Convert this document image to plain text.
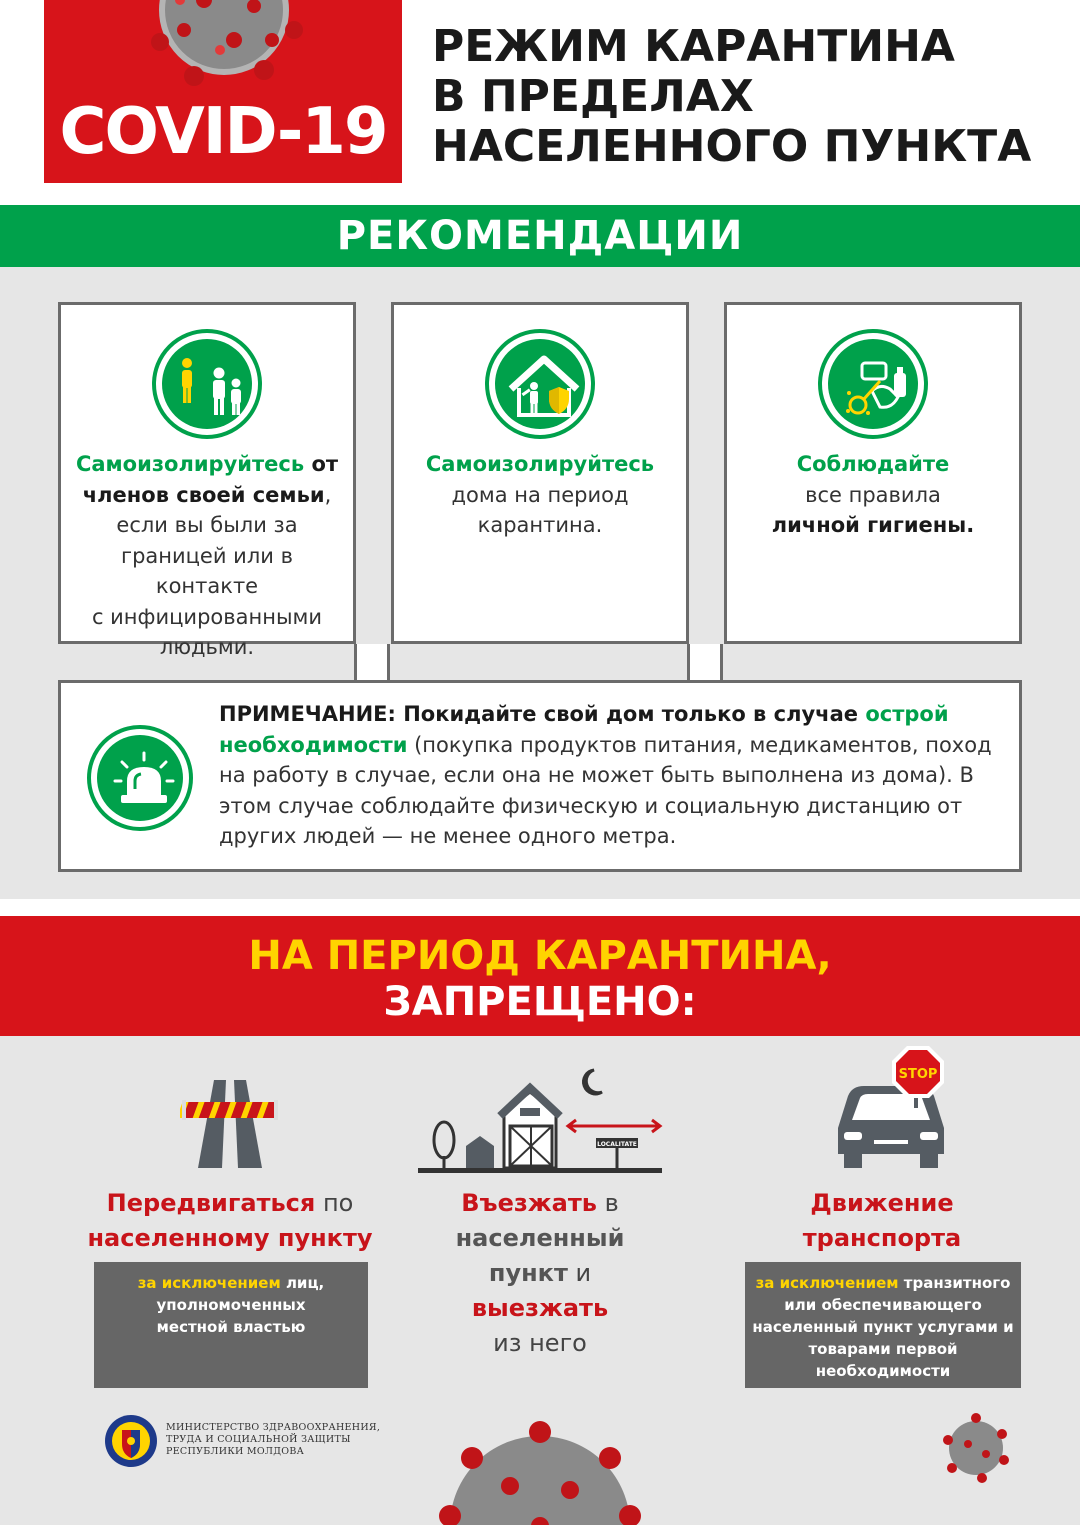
COVID-19
РЕЖИМ КАРАНТИНА
В ПРЕДЕЛАХ
НАСЕЛЕННОГО ПУНКТА
РЕКОМЕНДАЦИИ
Самоизолируйтесь от
членов своей семьи,
если вы были за
границей или в контакте
с инфицированными
людьми.
Самоизолируйтесь
дома на период
карантина.
Соблюдайте
все правила
личной гигиены.
ПРИМЕЧАНИЕ: Покидайте свой дом только в случае острой
необходимости (покупка продуктов питания, медикаментов, поход
на работу в случае, если она не может быть выполнена из дома). В
этом случае соблюдайте физическую и социальную дистанцию от
других людей — не менее одного метра.
НА ПЕРИОД КАРАНТИНА,
ЗАПРЕЩЕНО:
Передвигаться по
населенному пункту
за исключением лиц,
уполномоченных
местной властью
LOCALITATE
Въезжать в
населенный
пункт и
выезжать
из него
STOP
Движение
транспорта
за исключением транзитного
или обеспечивающего
населенный пункт услугами и
товарами первой
необходимости
МИНИСТЕРСТВО ЗДРАВООХРАНЕНИЯ,
ТРУДА И СОЦИАЛЬНОЙ ЗАЩИТЫ
РЕСПУБЛИКИ МОЛДОВА
